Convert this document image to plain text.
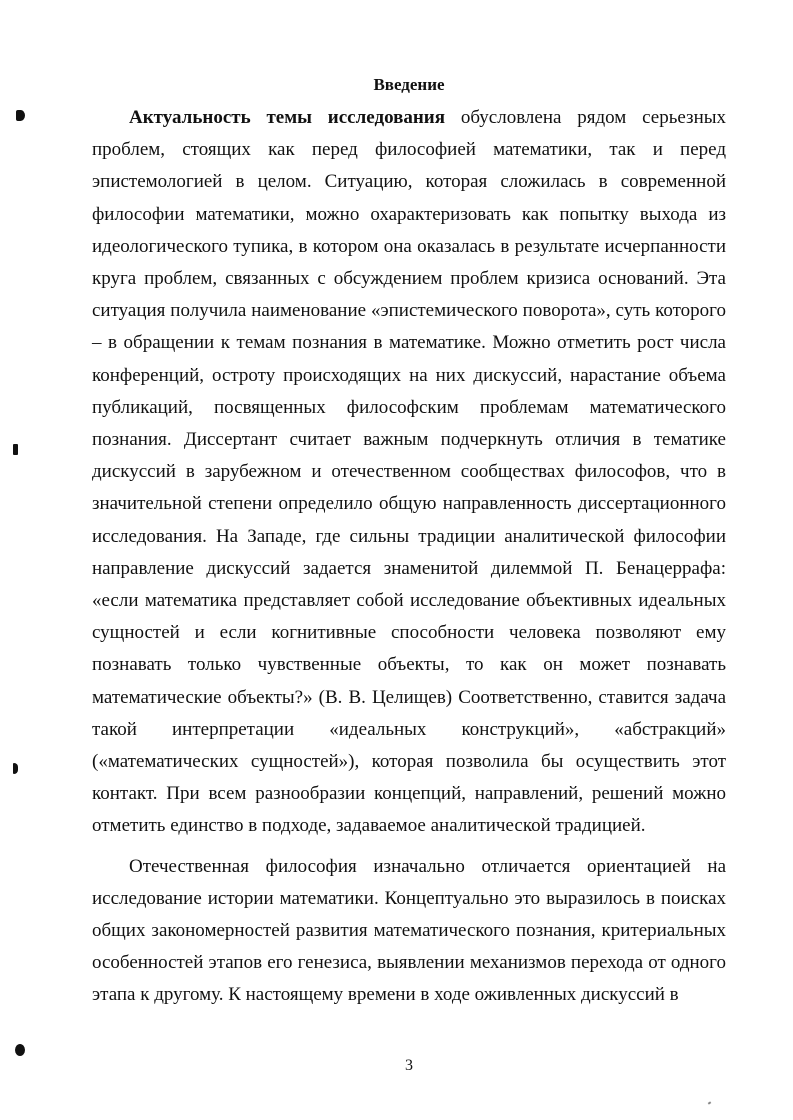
Введение

Актуальность темы исследования обусловлена рядом серьезных проблем, стоящих как перед философией математики, так и перед эпистемологией в целом. Ситуацию, которая сложилась в современной философии математики, можно охарактеризовать как попытку выхода из идеологического тупика, в котором она оказалась в результате исчерпанности круга проблем, связанных с обсуждением проблем кризиса оснований. Эта ситуация получила наименование «эпистемического поворота», суть которого – в обращении к темам познания в математике. Можно отметить рост числа конференций, остроту происходящих на них дискуссий, нарастание объема публикаций, посвященных философским проблемам математического познания. Диссертант считает важным подчеркнуть отличия в тематике дискуссий в зарубежном и отечественном сообществах философов, что в значительной степени определило общую направленность диссертационного исследования. На Западе, где сильны традиции аналитической философии направление дискуссий задается знаменитой дилеммой П. Бенацеррафа: «если математика представляет собой исследование объективных идеальных сущностей и если когнитивные способности человека позволяют ему познавать только чувственные объекты, то как он может познавать математические объекты?» (В. В. Целищев) Соответственно, ставится задача такой интерпретации «идеальных конструкций», «абстракций» («математических сущностей»), которая позволила бы осуществить этот контакт. При всем разнообразии концепций, направлений, решений можно отметить единство в подходе, задаваемое аналитической традицией.

Отечественная философия изначально отличается ориентацией на исследование истории математики. Концептуально это выразилось в поисках общих закономерностей развития математического познания, критериальных особенностей этапов его генезиса, выявлении механизмов перехода от одного этапа к другому. К настоящему времени в ходе оживленных дискуссий в

3
